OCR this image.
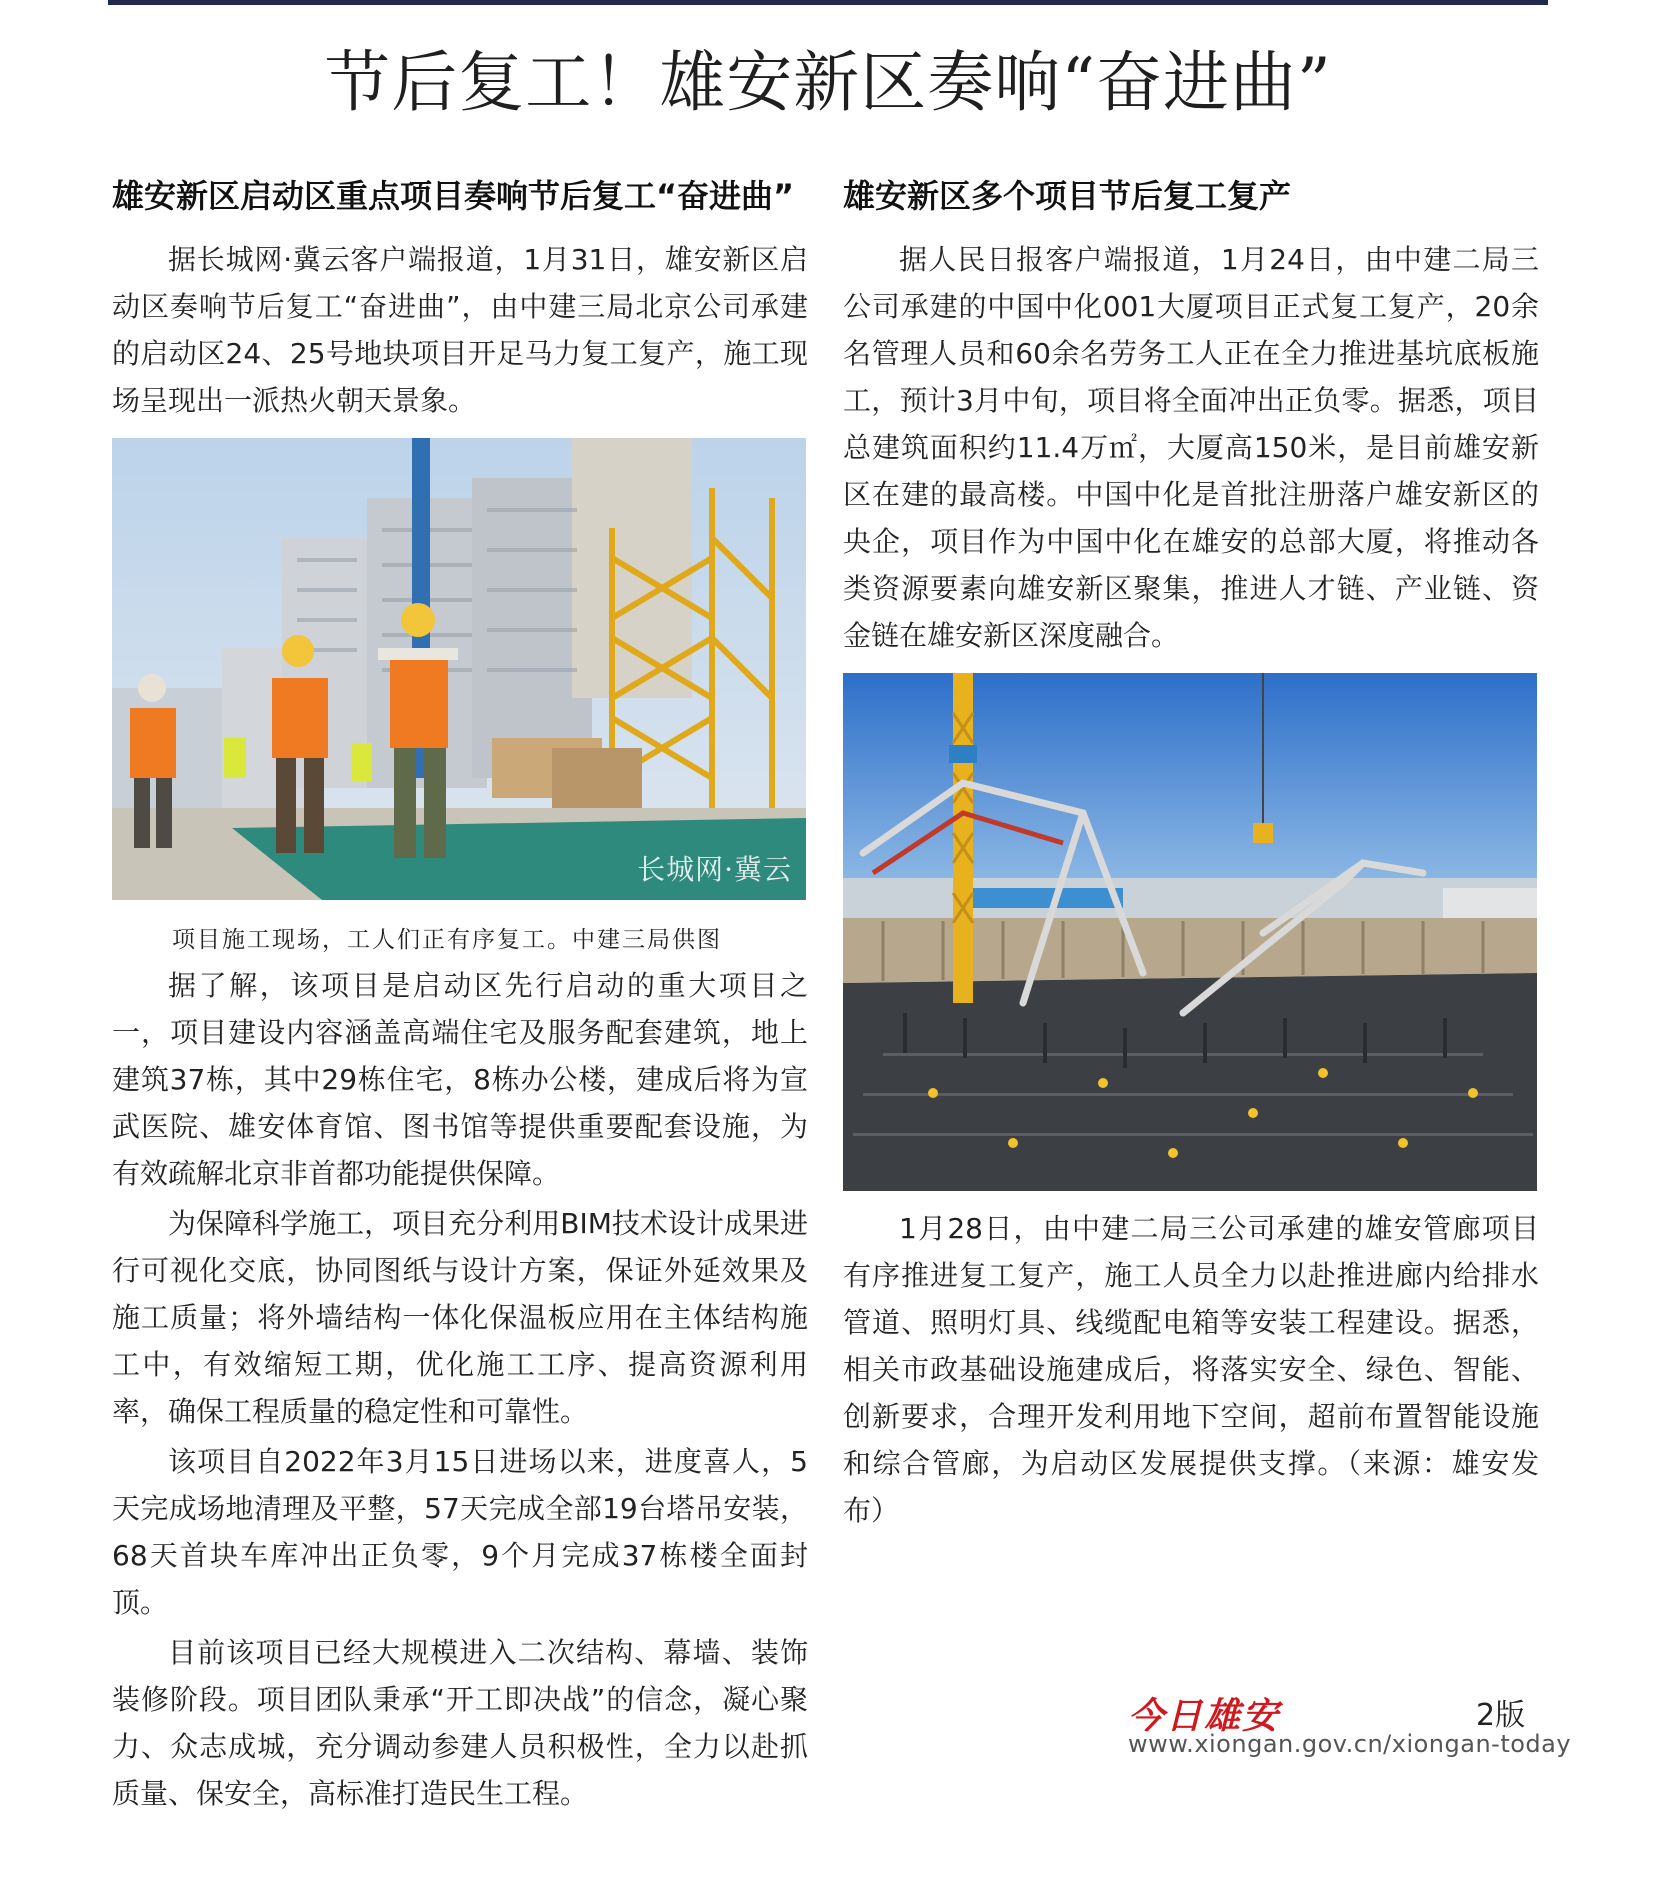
节后复工！雄安新区奏响“奋进曲”
雄安新区启动区重点项目奏响节后复工“奋进曲”

据长城网·冀云客户端报道，1月31日，雄安新区启动区奏响节后复工“奋进曲”，由中建三局北京公司承建的启动区24、25号地块项目开足马力复工复产，施工现场呈现出一派热火朝天景象。

长城网·冀云
项目施工现场，工人们正有序复工。中建三局供图

据了解，该项目是启动区先行启动的重大项目之一，项目建设内容涵盖高端住宅及服务配套建筑，地上建筑37栋，其中29栋住宅，8栋办公楼，建成后将为宣武医院、雄安体育馆、图书馆等提供重要配套设施，为有效疏解北京非首都功能提供保障。

为保障科学施工，项目充分利用BIM技术设计成果进行可视化交底，协同图纸与设计方案，保证外延效果及施工质量；将外墙结构一体化保温板应用在主体结构施工中，有效缩短工期，优化施工工序、提高资源利用率，确保工程质量的稳定性和可靠性。

该项目自2022年3月15日进场以来，进度喜人，5天完成场地清理及平整，57天完成全部19台塔吊安装，68天首块车库冲出正负零，9个月完成37栋楼全面封顶。

目前该项目已经大规模进入二次结构、幕墙、装饰装修阶段。项目团队秉承“开工即决战”的信念，凝心聚力、众志成城，充分调动参建人员积极性，全力以赴抓质量、保安全，高标准打造民生工程。

雄安新区多个项目节后复工复产

据人民日报客户端报道，1月24日，由中建二局三公司承建的中国中化001大厦项目正式复工复产，20余名管理人员和60余名劳务工人正在全力推进基坑底板施工，预计3月中旬，项目将全面冲出正负零。据悉，项目总建筑面积约11.4万㎡，大厦高150米，是目前雄安新区在建的最高楼。中国中化是首批注册落户雄安新区的央企，项目作为中国中化在雄安的总部大厦，将推动各类资源要素向雄安新区聚集，推进人才链、产业链、资金链在雄安新区深度融合。

1月28日，由中建二局三公司承建的雄安管廊项目有序推进复工复产，施工人员全力以赴推进廊内给排水管道、照明灯具、线缆配电箱等安装工程建设。据悉，相关市政基础设施建成后，将落实安全、绿色、智能、创新要求，合理开发利用地下空间，超前布置智能设施和综合管廊，为启动区发展提供支撑。（来源：雄安发布）

今日雄安	2版
www.xiongan.gov.cn/xiongan-today
